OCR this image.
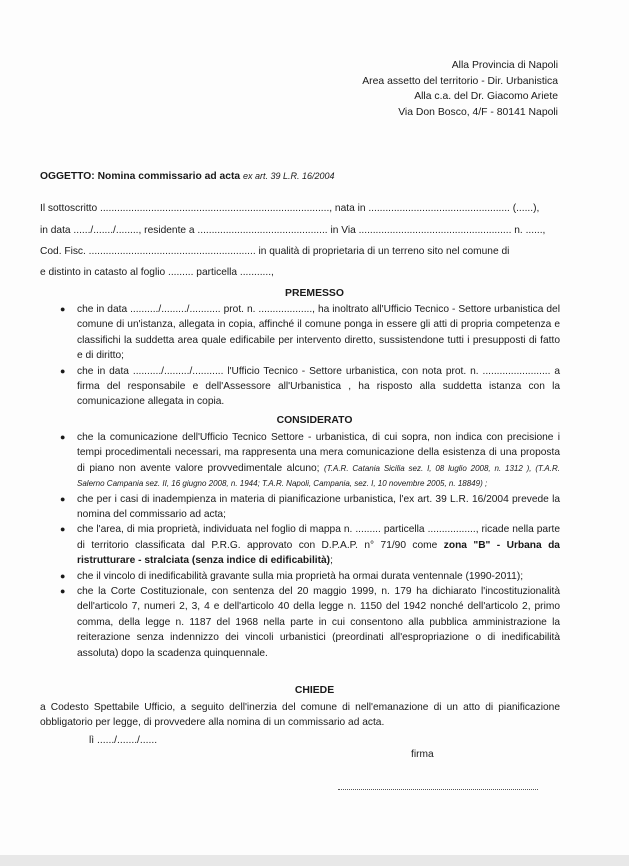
Alla Provincia di Napoli
Area assetto del territorio - Dir. Urbanistica
Alla c.a. del Dr. Giacomo Ariete
Via Don Bosco, 4/F - 80141 Napoli
OGGETTO: Nomina commissario ad acta ex art. 39 L.R. 16/2004
Il sottoscritto ................................................................................., nata in .................................................. (......),
in data ....../......./........, residente a .............................................. in Via ...................................................... n. ......,
Cod. Fisc. ........................................................... in qualità di proprietaria di un terreno sito nel comune di
e distinto in catasto al foglio ......... particella ...........,
PREMESSO
● che in data ........../........./........... prot. n. ..................., ha inoltrato all'Ufficio Tecnico - Settore urbanistica del comune di un'istanza, allegata in copia, affinché il comune ponga in essere gli atti di propria competenza e classifichi la suddetta area quale edificabile per intervento diretto, sussistendone tutti i presupposti di fatto e di diritto;
● che in data ........../........./........... l'Ufficio Tecnico - Settore urbanistica, con nota prot. n. ........................ a firma del responsabile e dell'Assessore all'Urbanistica , ha risposto alla suddetta istanza con la comunicazione allegata in copia.
CONSIDERATO
● che la comunicazione dell'Ufficio Tecnico Settore - urbanistica, di cui sopra, non indica con precisione i tempi procedimentali necessari, ma rappresenta una mera comunicazione della esistenza di una proposta di piano non avente valore provvedimentale alcuno; (T.A.R. Catania Sicilia sez. I, 08 luglio 2008, n. 1312 ), (T.A.R. Salerno Campania sez. II, 16 giugno 2008, n. 1944; T.A.R. Napoli, Campania, sez. I, 10 novembre 2005, n. 18849) ;
● che per i casi di inadempienza in materia di pianificazione urbanistica, l'ex art. 39 L.R. 16/2004 prevede la nomina del commissario ad acta;
● che l'area, di mia proprietà, individuata nel foglio di mappa n. ......... particella ................., ricade nella parte di territorio classificata dal P.R.G. approvato con D.P.A.P. n° 71/90 come zona "B" - Urbana da ristrutturare - stralciata (senza indice di edificabilità);
● che il vincolo di inedificabilità gravante sulla mia proprietà ha ormai durata ventennale (1990-2011);
● che la Corte Costituzionale, con sentenza del 20 maggio 1999, n. 179 ha dichiarato l'incostituzionalità dell'articolo 7, numeri 2, 3, 4 e dell'articolo 40 della legge n. 1150 del 1942 nonché dell'articolo 2, primo comma, della legge n. 1187 del 1968 nella parte in cui consentono alla pubblica amministrazione la reiterazione senza indennizzo dei vincoli urbanistici (preordinati all'espropriazione o di inedificabilità assoluta) dopo la scadenza quinquennale.
CHIEDE
a Codesto Spettabile Ufficio, a seguito dell'inerzia del comune di nell'emanazione di un atto di pianificazione obbligatorio per legge, di provvedere alla nomina di un commissario ad acta.
lì ....../......./......
firma
